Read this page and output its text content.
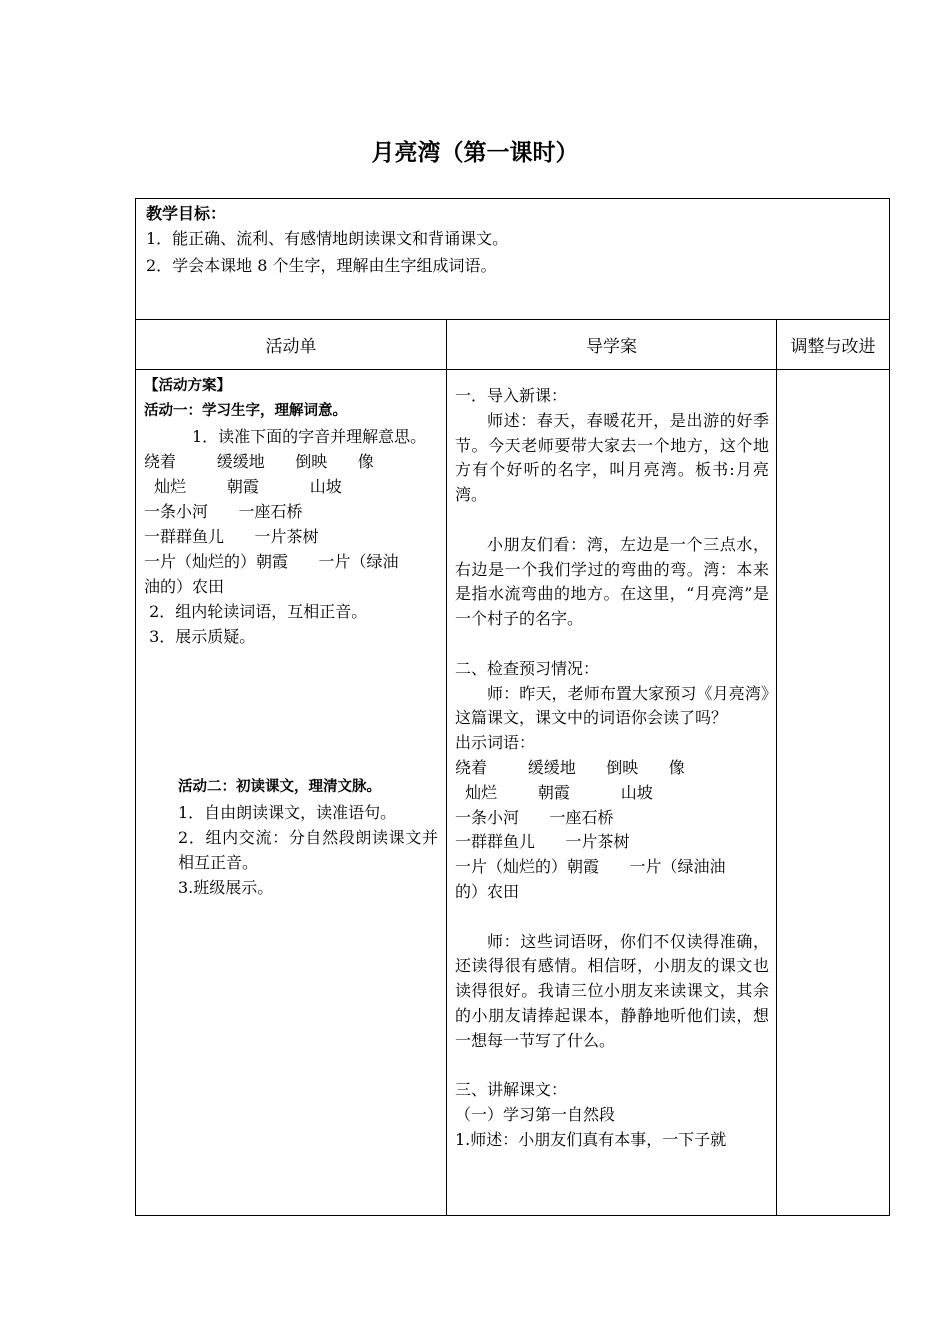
月亮湾（第一课时）
教学目标：
1．能正确、流利、有感情地朗读课文和背诵课文。
2．学会本课地 8 个生字，理解由生字组成词语。
活动单	导学案	调整与改进
【活动方案】
活动一：学习生字，理解词意。
1．读准下面的字音并理解意思。
绕着        缓缓地      倒映      像
灿烂        朝霞          山坡
一条小河      一座石桥
一群群鱼儿      一片茶树
一片（灿烂的）朝霞      一片（绿油
油的）农田
2．组内轮读词语，互相正音。
3．展示质疑。
活动二：初读课文，理清文脉。
1．自由朗读课文，读准语句。
2．组内交流：分自然段朗读课文并相互正音。
3.班级展示。
一．导入新课：
师述：春天，春暖花开，是出游的好季节。今天老师要带大家去一个地方，这个地方有个好听的名字，叫月亮湾。板书:月亮湾。
小朋友们看：湾，左边是一个三点水，右边是一个我们学过的弯曲的弯。湾：本来是指水流弯曲的地方。在这里，“月亮湾”是一个村子的名字。
二、检查预习情况：
师：昨天，老师布置大家预习《月亮湾》这篇课文，课文中的词语你会读了吗？
出示词语：
绕着        缓缓地      倒映      像
灿烂        朝霞          山坡
一条小河      一座石桥
一群群鱼儿      一片茶树
一片（灿烂的）朝霞      一片（绿油油
的）农田
师：这些词语呀，你们不仅读得准确，还读得很有感情。相信呀，小朋友的课文也读得很好。我请三位小朋友来读课文，其余的小朋友请捧起课本，静静地听他们读，想一想每一节写了什么。
三、讲解课文：
（一）学习第一自然段
1.师述：小朋友们真有本事，一下子就
